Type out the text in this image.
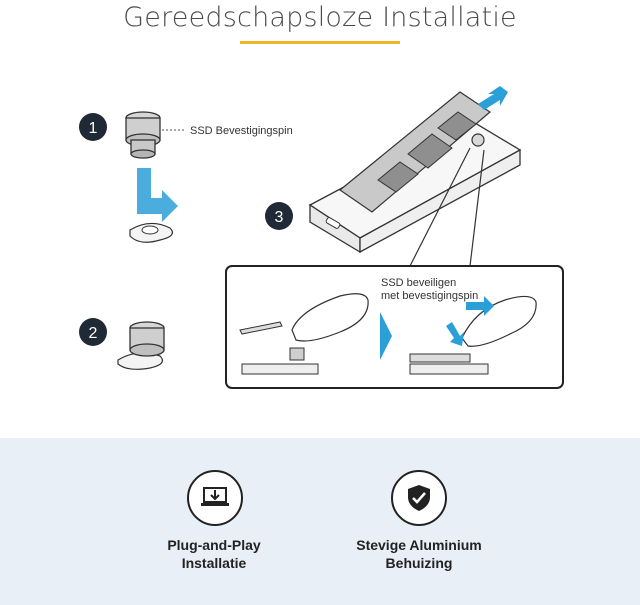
Gereedschapsloze Installatie
1	SSD Bevestigingspin
2
3
SSD beveiligen
met bevestigingspin
Plug-and-Play
Installatie
Stevige Aluminium
Behuizing
